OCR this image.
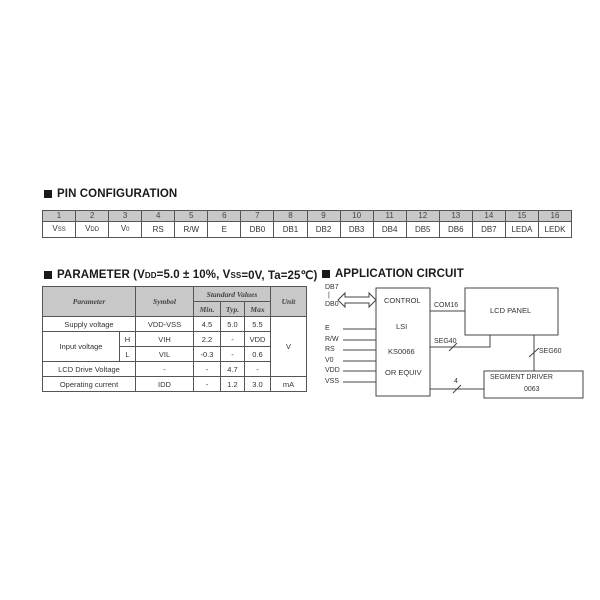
PIN CONFIGURATION
1	2	3	4	5	6	7	8	9	10	11	12	13	14	15	16
VSS	VDD	V0	RS	R/W	E	DB0	DB1	DB2	DB3	DB4	DB5	DB6	DB7	LEDA	LEDK
PARAMETER (V DD =5.0 ± 10%, V SS =0V, Ta=25℃)
Parameter		Symbol	Standard Values			Unit
			Min.	Typ.	Max	
Supply voltage		VDD-VSS	4.5	5.0	5.5	V
Input voltage	H	VIH	2.2	-	VDD	
	L	VIL	-0.3	-	0.6	
LCD Drive Voltage		-	-	4.7	-	
Operating current		IDD	-	1.2	3.0	mA
APPLICATION CIRCUIT
DB7
|
DB0
E
R/W
RS
V0
VDD
VSS
CONTROL
LSI
KS0066
OR EQUIV
LCD PANEL
COM16
SEG40
SEG60
4
SEGMENT DRIVER
0063
